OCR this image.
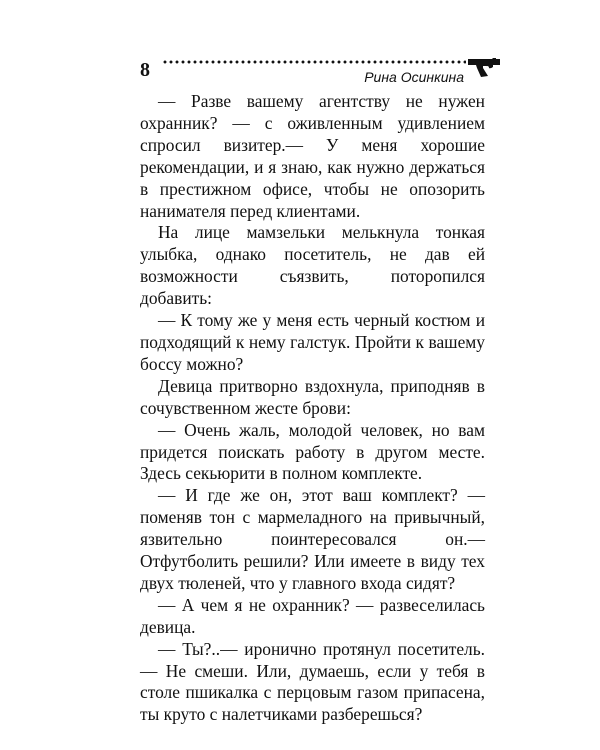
8	Рина Осинкина

— Разве вашему агентству не нужен охранник? — с оживленным удивлением спросил визитер.— У меня хорошие рекомендации, и я знаю, как нужно держаться в престижном офисе, чтобы не опозорить нанимателя перед клиентами.

На лице мамзельки мелькнула тонкая улыбка, однако посетитель, не дав ей возможности съязвить, поторопился добавить:

— К тому же у меня есть черный костюм и подходящий к нему галстук. Пройти к вашему боссу можно?

Девица притворно вздохнула, приподняв в сочувственном жесте брови:

— Очень жаль, молодой человек, но вам придется поискать работу в другом месте. Здесь секьюрити в полном комплекте.

— И где же он, этот ваш комплект? — поменяв тон с мармеладного на привычный, язвительно поинтересовался он.— Отфутболить решили? Или имеете в виду тех двух тюленей, что у главного входа сидят?

— А чем я не охранник? — развеселилась девица.

— Ты?..— иронично протянул посетитель.— Не смеши. Или, думаешь, если у тебя в столе пшикалка с перцовым газом припасена, ты круто с налетчиками разберешься?
